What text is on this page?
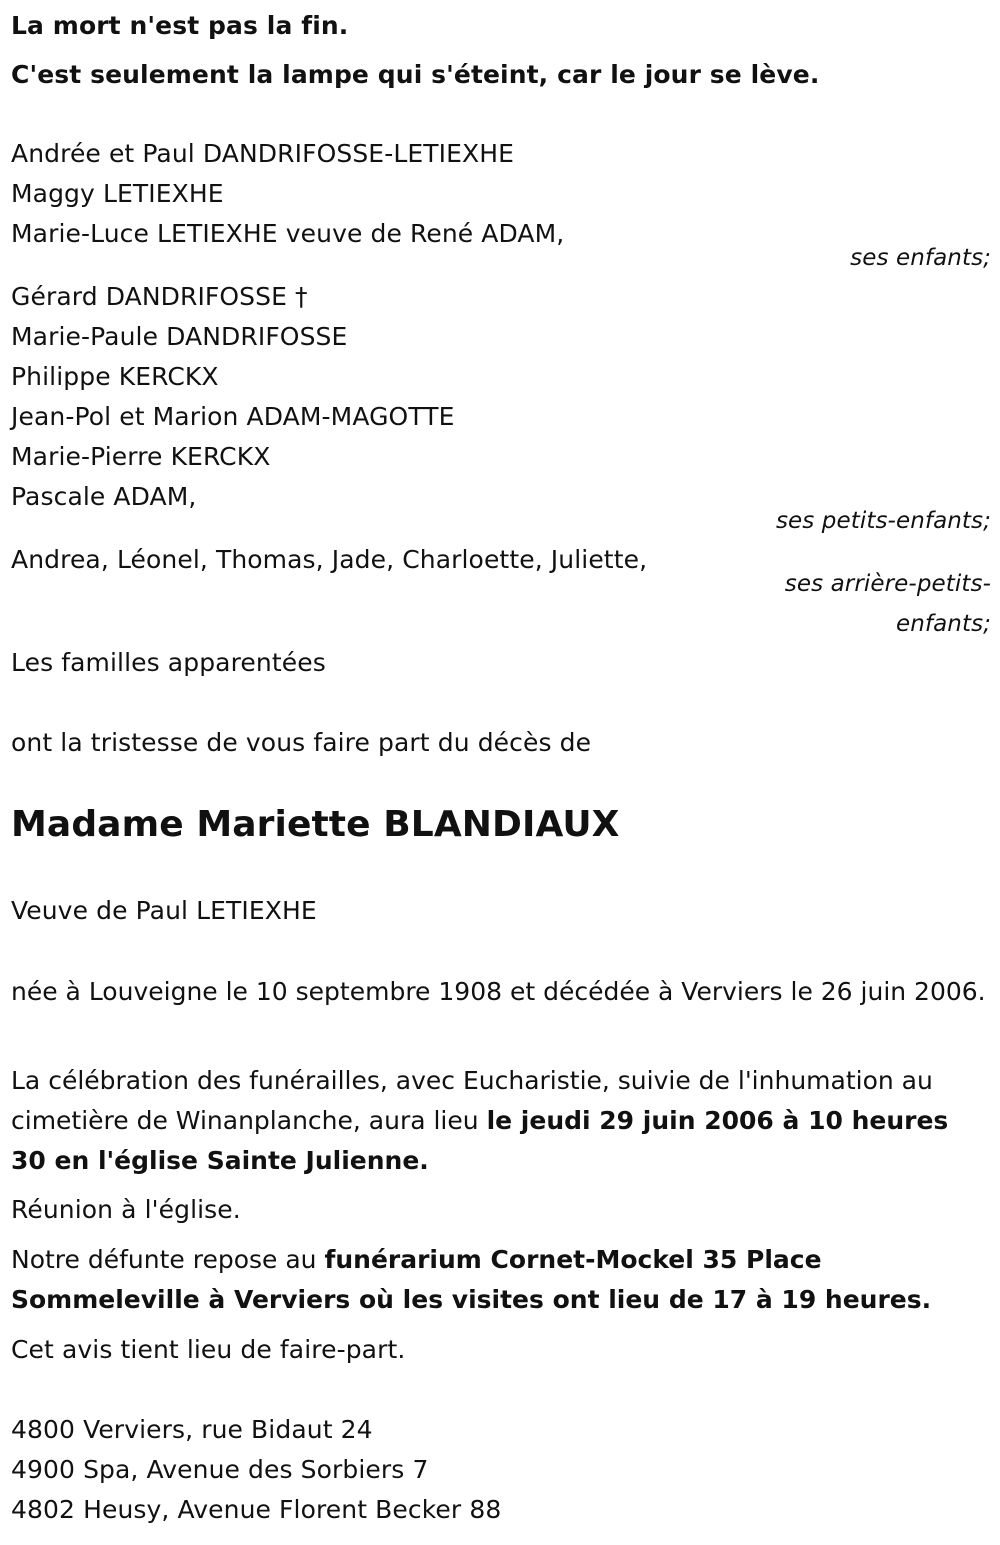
La mort n'est pas la fin.
C'est seulement la lampe qui s'éteint, car le jour se lève.
Andrée et Paul DANDRIFOSSE-LETIEXHE
Maggy LETIEXHE
Marie-Luce LETIEXHE veuve de René ADAM,
ses enfants;
Gérard DANDRIFOSSE †
Marie-Paule DANDRIFOSSE
Philippe KERCKX
Jean-Pol et Marion ADAM-MAGOTTE
Marie-Pierre KERCKX
Pascale ADAM,
ses petits-enfants;
Andrea, Léonel, Thomas, Jade, Charloette, Juliette,
ses arrière-petits-
enfants;
Les familles apparentées
ont la tristesse de vous faire part du décès de
Madame Mariette BLANDIAUX
Veuve de Paul LETIEXHE
née à Louveigne le 10 septembre 1908 et décédée à Verviers le 26 juin 2006.
La célébration des funérailles, avec Eucharistie, suivie de l'inhumation au cimetière de Winanplanche, aura lieu le jeudi 29 juin 2006 à 10 heures 30 en l'église Sainte Julienne.
Réunion à l'église.
Notre défunte repose au funérarium Cornet-Mockel 35 Place Sommeleville à Verviers où les visites ont lieu de 17 à 19 heures.
Cet avis tient lieu de faire-part.
4800 Verviers, rue Bidaut 24
4900 Spa, Avenue des Sorbiers 7
4802 Heusy, Avenue Florent Becker 88
